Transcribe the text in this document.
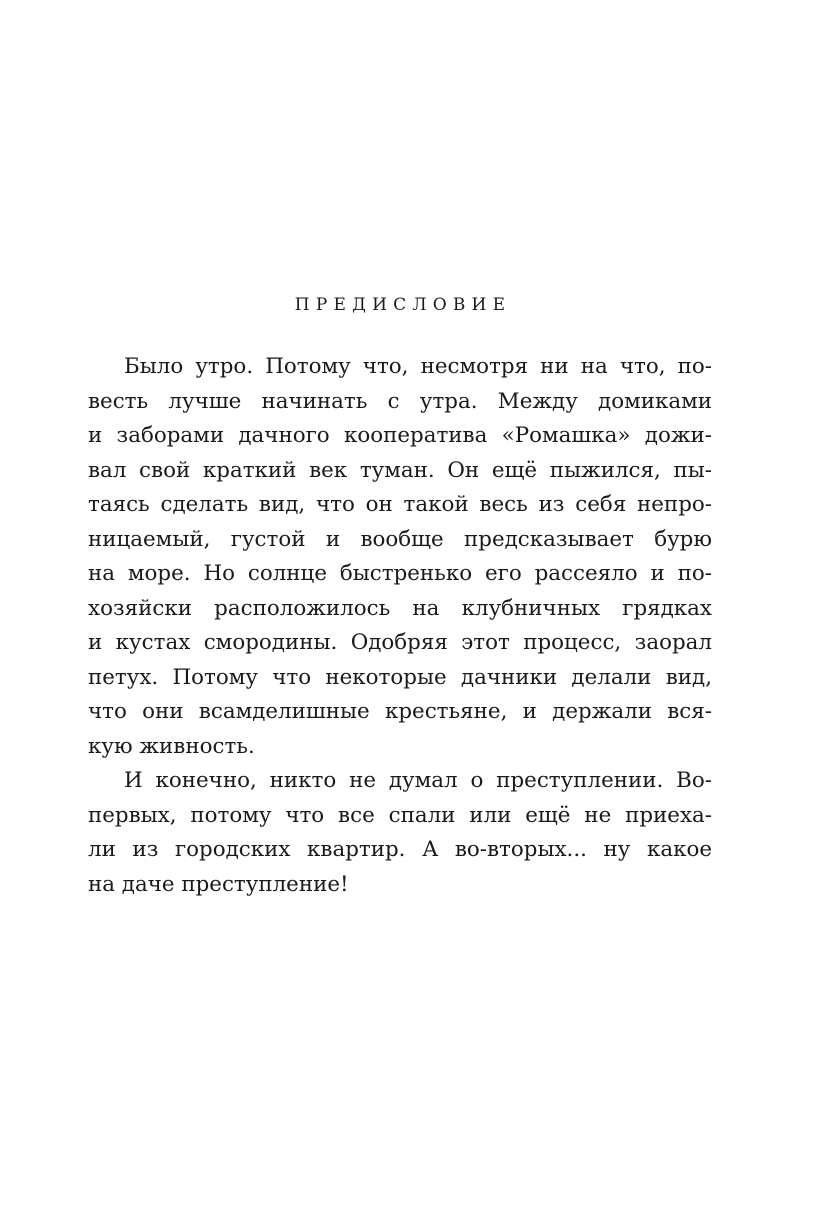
ПРЕДИСЛОВИЕ
Было утро. Потому что, несмотря ни на что, по-
весть лучше начинать с утра. Между домиками
и заборами дачного кооператива «Ромашка» дожи-
вал свой краткий век туман. Он ещё пыжился, пы-
таясь сделать вид, что он такой весь из себя непро-
ницаемый, густой и вообще предсказывает бурю
на море. Но солнце быстренько его рассеяло и по-
хозяйски расположилось на клубничных грядках
и кустах смородины. Одобряя этот процесс, заорал
петух. Потому что некоторые дачники делали вид,
что они всамделишные крестьяне, и держали вся-
кую живность.
И конечно, никто не думал о преступлении. Во-
первых, потому что все спали или ещё не приеха-
ли из городских квартир. А во-вторых... ну какое
на даче преступление!
